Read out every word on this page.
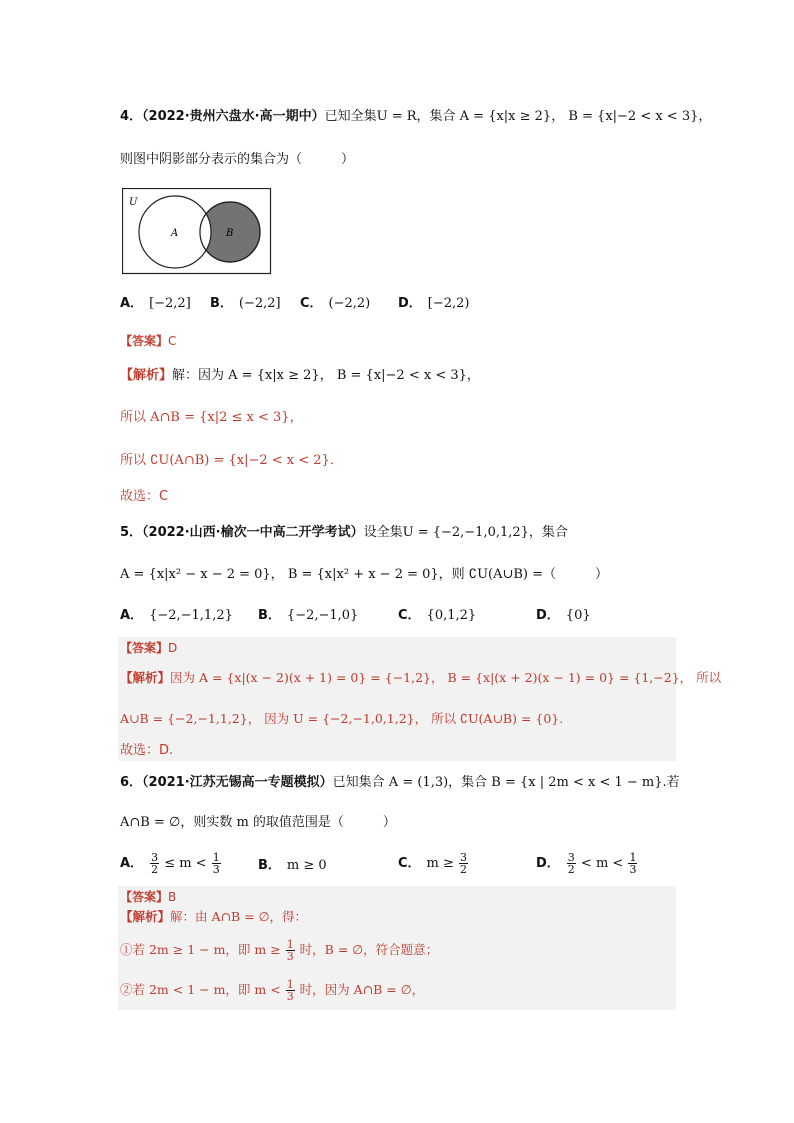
4．（2022·贵州六盘水·高一期中）已知全集U = R，集合 A = {x|x ≥ 2}， B = {x|−2 < x < 3}，
则图中阴影部分表示的集合为（　　　）
U
A	B
A． [−2,2] B． (−2,2] C． (−2,2) D． [−2,2)
【答案】C
【解析】解：因为 A = {x|x ≥ 2}， B = {x|−2 < x < 3}，
所以 A∩B = {x|2 ≤ x < 3}，
所以 ∁U(A∩B) = {x|−2 < x < 2}．
故选：C
5．（2022·山西·榆次一中高二开学考试）设全集U = {−2,−1,0,1,2}，集合
A = {x|x² − x − 2 = 0}， B = {x|x² + x − 2 = 0}，则 ∁U(A∪B) =（　　　）
A． {−2,−1,1,2} B． {−2,−1,0}	C． {0,1,2}	D． {0}
【答案】D
【解析】因为 A = {x|(x − 2)(x + 1) = 0} = {−1,2}， B = {x|(x + 2)(x − 1) = 0} = {1,−2}， 所以
A∪B = {−2,−1,1,2}， 因为 U = {−2,−1,0,1,2}， 所以 ∁U(A∪B) = {0}.
故选：D.
6．（2021·江苏无锡高一专题模拟）已知集合 A = (1,3)，集合 B = {x | 2m < x < 1 − m}.若
A∩B = ∅，则实数 m 的取值范围是（　　　）
A． $\frac{3}{2} \le m < \frac{1}{3}$	B． m ≥ 0	C． $m \ge \frac{3}{2}$	D． $\frac{3}{2} < m < \frac{1}{3}$
【答案】B
【解析】解：由 A∩B = ∅，得：
①若 2m ≥ 1 − m，即 $m \ge \frac{1}{3}$ 时，B = ∅，符合题意；
②若 2m < 1 − m，即 $m < \frac{1}{3}$ 时，因为 A∩B = ∅，
